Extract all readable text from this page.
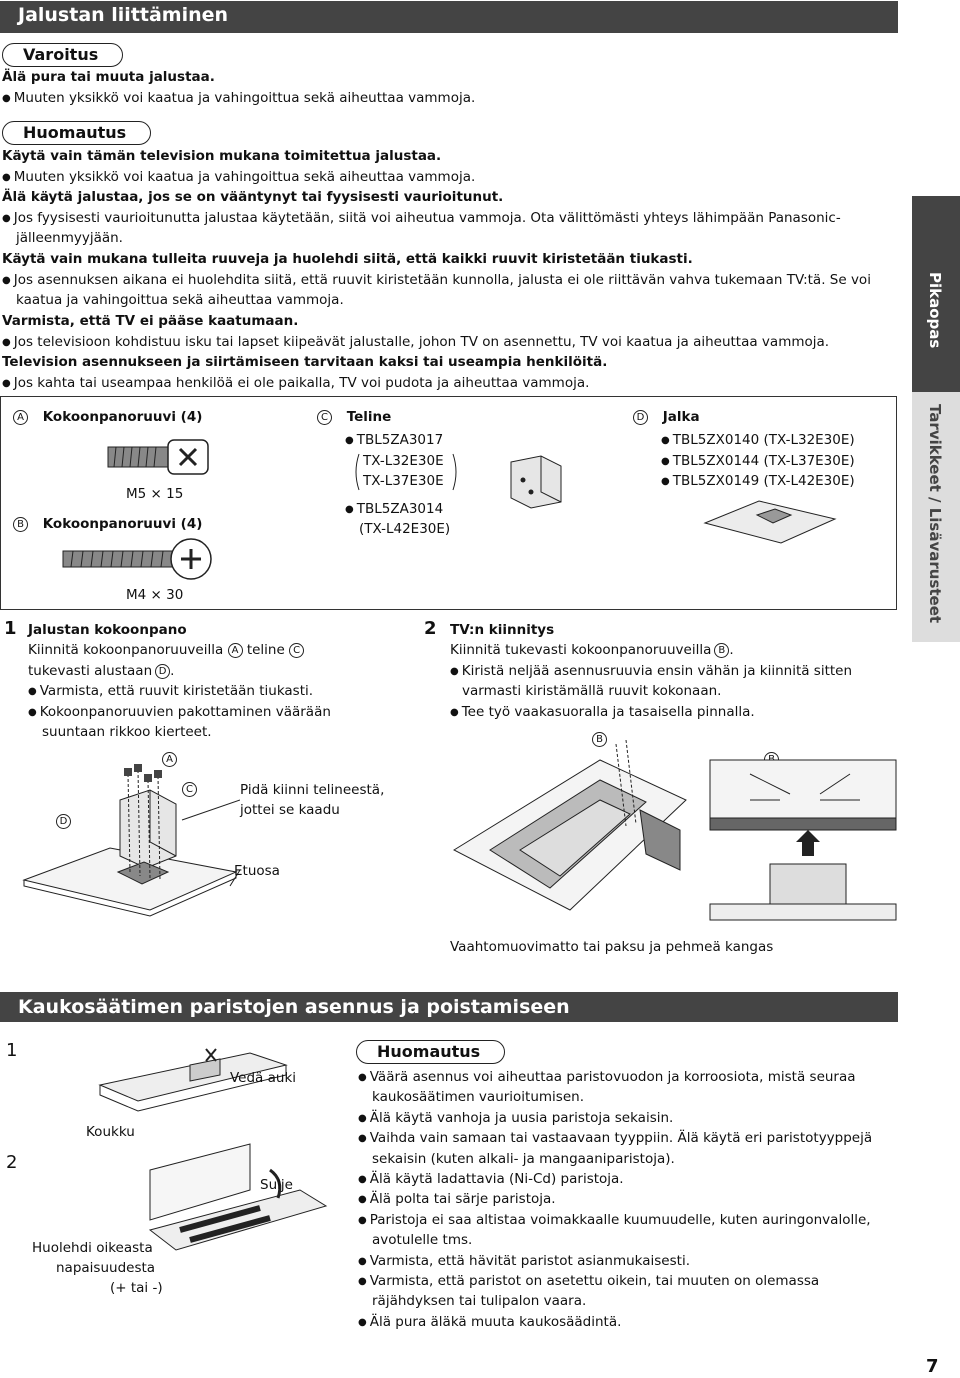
Jalustan liittäminen
Varoitus
Älä pura tai muuta jalustaa.
● Muuten yksikkö voi kaatua ja vahingoittua sekä aiheuttaa vammoja.
Huomautus
Käytä vain tämän television mukana toimitettua jalustaa.
● Muuten yksikkö voi kaatua ja vahingoittua sekä aiheuttaa vammoja.
Älä käytä jalustaa, jos se on vääntynyt tai fyysisesti vaurioitunut.
● Jos fyysisesti vaurioitunutta jalustaa käytetään, siitä voi aiheutua vammoja. Ota välittömästi yhteys lähimpään Panasonic-
jälleenmyyjään.
Käytä vain mukana tulleita ruuveja ja huolehdi siitä, että kaikki ruuvit kiristetään tiukasti.
● Jos asennuksen aikana ei huolehdita siitä, että ruuvit kiristetään kunnolla, jalusta ei ole riittävän vahva tukemaan TV:tä. Se voi
kaatua ja vahingoittua sekä aiheuttaa vammoja.
Varmista, että TV ei pääse kaatumaan.
● Jos televisioon kohdistuu isku tai lapset kiipeävät jalustalle, johon TV on asennettu, TV voi kaatua ja aiheuttaa vammoja.
Television asennukseen ja siirtämiseen tarvitaan kaksi tai useampia henkilöitä.
● Jos kahta tai useampaa henkilöä ei ole paikalla, TV voi pudota ja aiheuttaa vammoja.
Pikaopas
Tarvikkeet / Lisävarusteet
A Kokoonpanoruuvi (4)
M5 × 15
B Kokoonpanoruuvi (4)
M4 × 30
C Teline
● TBL5ZA3017
TX-L32E30E
TX-L37E30E
● TBL5ZA3014
(TX-L42E30E)
D Jalka
● TBL5ZX0140 (TX-L32E30E)
● TBL5ZX0144 (TX-L37E30E)
● TBL5ZX0149 (TX-L42E30E)
1 Jalustan kokoonpano
Kiinnitä kokoonpanoruuveilla A teline C
tukevasti alustaan D .
● Varmista, että ruuvit kiristetään tiukasti.
● Kokoonpanoruuvien pakottaminen väärään
suuntaan rikkoo kierteet.
A
C
D
Pidä kiinni telineestä,
jottei se kaadu
Etuosa
2 TV:n kiinnitys
Kiinnitä tukevasti kokoonpanoruuveilla B .
● Kiristä neljää asennusruuvia ensin vähän ja kiinnitä sitten
varmasti kiristämällä ruuvit kokonaan.
● Tee työ vaakasuoralla ja tasaisella pinnalla.
B
Vaahtomuovimatto tai paksu ja pehmeä kangas
Kaukosäätimen paristojen asennus ja poistamiseen
1
2
Vedä auki
Koukku
Sulje
Huolehdi oikeasta
napaisuudesta
(+ tai -)
Huomautus
● Väärä asennus voi aiheuttaa paristovuodon ja korroosiota, mistä seuraa
kaukosäätimen vaurioitumisen.
● Älä käytä vanhoja ja uusia paristoja sekaisin.
● Vaihda vain samaan tai vastaavaan tyyppiin. Älä käytä eri paristotyyppejä
sekaisin (kuten alkali- ja mangaaniparistoja).
● Älä käytä ladattavia (Ni-Cd) paristoja.
● Älä polta tai särje paristoja.
● Paristoja ei saa altistaa voimakkaalle kuumuudelle, kuten auringonvalolle,
avotulelle tms.
● Varmista, että hävität paristot asianmukaisesti.
● Varmista, että paristot on asetettu oikein, tai muuten on olemassa
räjähdyksen tai tulipalon vaara.
● Älä pura äläkä muuta kaukosäädintä.
7
